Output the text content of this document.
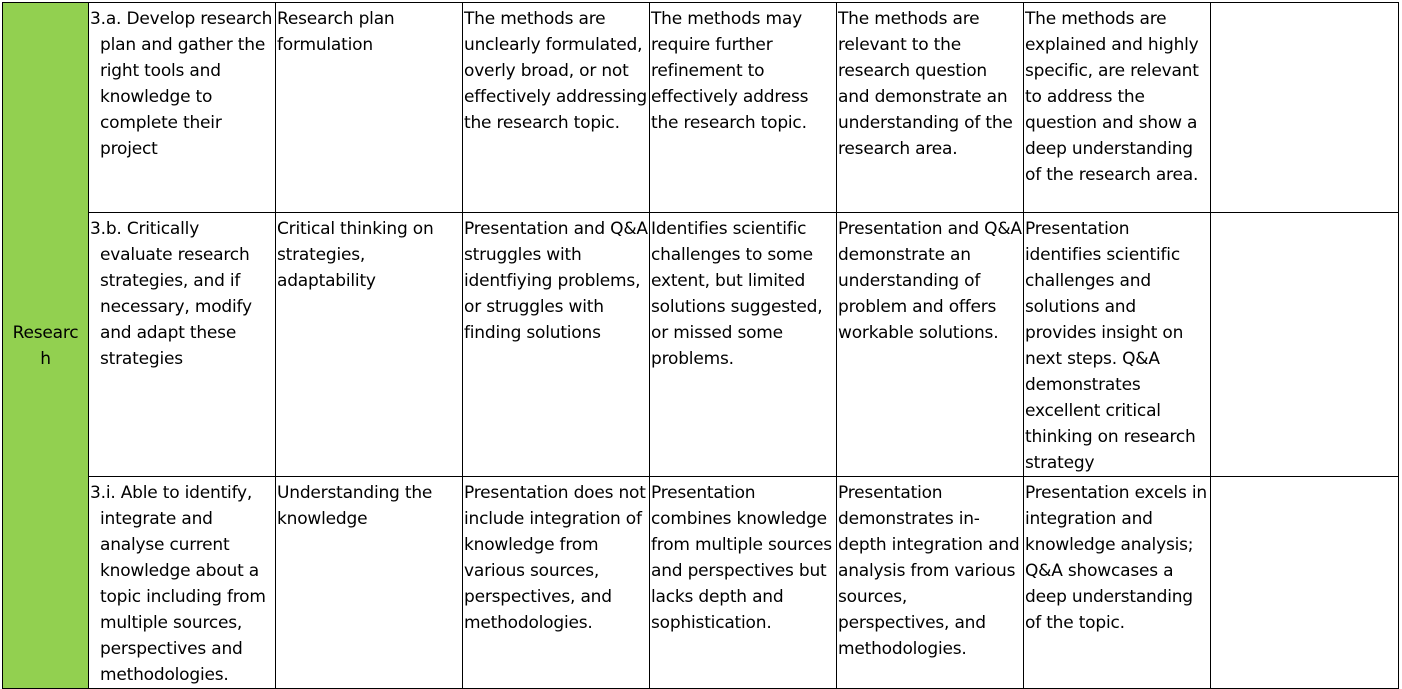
Research	3.a. Develop research plan and gather the right tools and knowledge to complete their project	Research plan formulation	The methods are unclearly formulated, overly broad, or not effectively addressing the research topic.	The methods may require further refinement to effectively address the research topic.	The methods are relevant to the research question and demonstrate an understanding of the research area.	The methods are explained and highly specific, are relevant to address the question and show a deep understanding of the research area.	

	3.b. Critically evaluate research strategies, and if necessary, modify and adapt these strategies	Critical thinking on strategies, adaptability	Presentation and Q&A struggles with identfiying problems, or struggles with finding solutions	Identifies scientific challenges to some extent, but limited solutions suggested, or missed some problems.	Presentation and Q&A demonstrate an understanding of problem and offers workable solutions.	Presentation identifies scientific challenges and solutions and provides insight on next steps. Q&A demonstrates excellent critical thinking on research strategy	

	3.i. Able to identify, integrate and analyse current knowledge about a topic including from multiple sources, perspectives and methodologies.	Understanding the knowledge	Presentation does not include integration of knowledge from various sources, perspectives, and methodologies.	Presentation combines knowledge from multiple sources and perspectives but lacks depth and sophistication.	Presentation demonstrates in-depth integration and analysis from various sources, perspectives, and methodologies.	Presentation excels in integration and knowledge analysis; Q&A showcases a deep understanding of the topic.	
